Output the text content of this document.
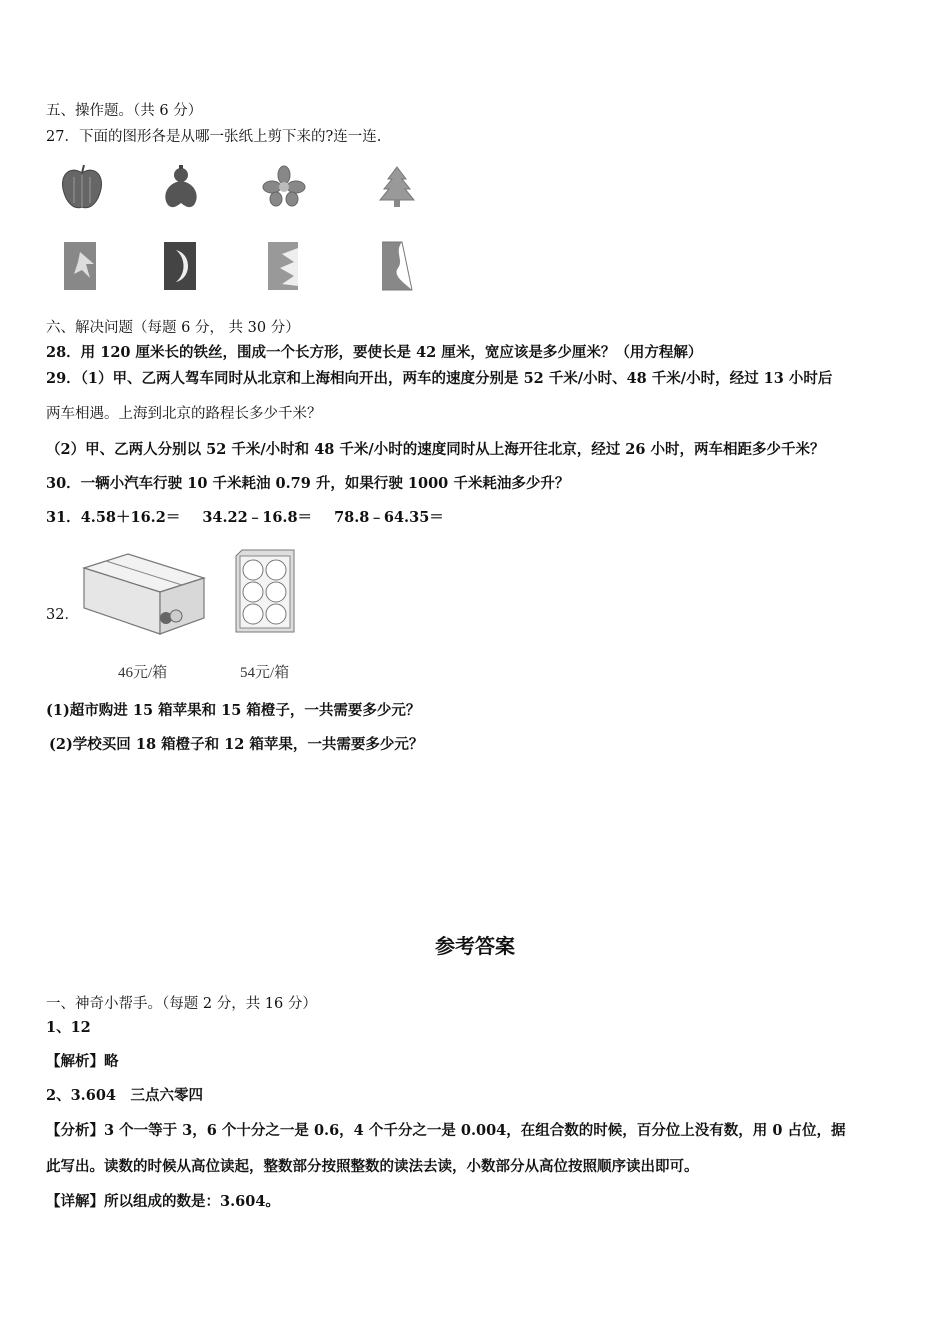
五、操作题。（共 6 分）
27．下面的图形各是从哪一张纸上剪下来的?连一连.
六、解决问题（每题 6 分， 共 30 分）
28．用 120 厘米长的铁丝，围成一个长方形，要使长是 42 厘米，宽应该是多少厘米？（用方程解）
29．（1）甲、乙两人驾车同时从北京和上海相向开出，两车的速度分别是 52 千米/小时、48 千米/小时，经过 13 小时后
两车相遇。上海到北京的路程长多少千米？
（2）甲、乙两人分别以 52 千米/小时和 48 千米/小时的速度同时从上海开往北京，经过 26 小时，两车相距多少千米？
30．一辆小汽车行驶 10 千米耗油 0.79 升，如果行驶 1000 千米耗油多少升？
31．4.58＋16.2＝ 34.22﹣16.8＝ 78.8﹣64.35＝
32．
46元/箱	54元/箱
(1)超市购进 15 箱苹果和 15 箱橙子，一共需要多少元？
(2)学校买回 18 箱橙子和 12 箱苹果，一共需要多少元？
参考答案
一、神奇小帮手。（每题 2 分，共 16 分）
1、12
【解析】略
2、3.604　三点六零四
【分析】3 个一等于 3，6 个十分之一是 0.6，4 个千分之一是 0.004，在组合数的时候，百分位上没有数，用 0 占位，据
此写出。读数的时候从高位读起，整数部分按照整数的读法去读，小数部分从高位按照顺序读出即可。
【详解】所以组成的数是：3.604。
